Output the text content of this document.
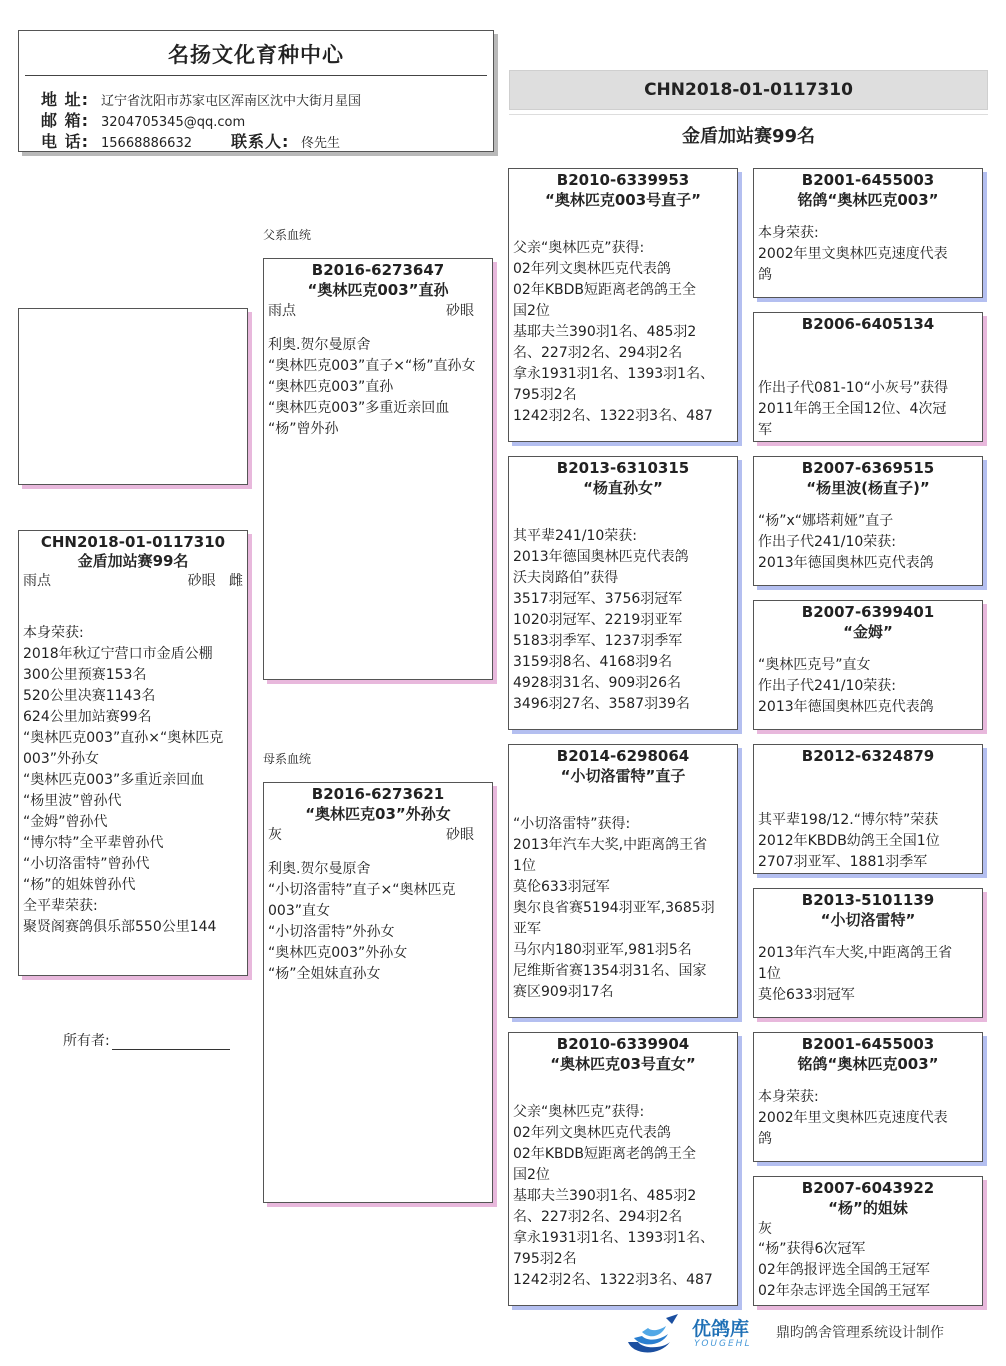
名扬文化育种中心
地 址: 辽宁省沈阳市苏家屯区浑南区沈中大街月星国
邮 箱: 3204705345@qq.com
电 话: 15668886632 联系人: 佟先生
CHN2018-01-0117310
金盾加站赛99名
CHN2018-01-0117310
金盾加站赛99名
雨点	砂眼 雌
本身荣获:
2018年秋辽宁营口市金盾公棚
300公里预赛153名
520公里决赛1143名
624公里加站赛99名
“奥林匹克003”直孙×“奥林匹克
003”外孙女
“奥林匹克003”多重近亲回血
“杨里波”曾孙代
“金姆”曾孙代
“博尔特”全平辈曾孙代
“小切洛雷特”曾孙代
“杨”的姐妹曾孙代
全平辈荣获:
聚贤阁赛鸽俱乐部550公里144
所有者:
父系血统
母系血统
B2016-6273647
“奥林匹克003”直孙
雨点	砂眼
利奥.贺尔曼原舍
“奥林匹克003”直子×“杨”直孙女
“奥林匹克003”直孙
“奥林匹克003”多重近亲回血
“杨”曾外孙
B2016-6273621
“奥林匹克03”外孙女
灰	砂眼
利奥.贺尔曼原舍
“小切洛雷特”直子×“奥林匹克
003”直女
“小切洛雷特”外孙女
“奥林匹克003”外孙女
“杨”全姐妹直孙女
B2010-6339953
“奥林匹克003号直子”

父亲“奥林匹克”获得:
02年列文奥林匹克代表鸽
02年KBDB短距离老鸽鸽王全
国2位
基耶夫兰390羽1名、485羽2
名、227羽2名、294羽2名
拿永1931羽1名、1393羽1名、
795羽2名
1242羽2名、1322羽3名、487
B2013-6310315
“杨直孙女”

其平辈241/10荣获:
2013年德国奥林匹克代表鸽
沃夫岗路伯”获得
3517羽冠军、3756羽冠军
1020羽冠军、2219羽亚军
5183羽季军、1237羽季军
3159羽8名、4168羽9名
4928羽31名、909羽26名
3496羽27名、3587羽39名
B2014-6298064
“小切洛雷特”直子

“小切洛雷特”获得:
2013年汽车大奖,中距离鸽王省
1位
莫伦633羽冠军
奥尔良省赛5194羽亚军,3685羽
亚军
马尔内180羽亚军,981羽5名
尼维斯省赛1354羽31名、国家
赛区909羽17名
B2010-6339904
“奥林匹克03号直女”

父亲“奥林匹克”获得:
02年列文奥林匹克代表鸽
02年KBDB短距离老鸽鸽王全
国2位
基耶夫兰390羽1名、485羽2
名、227羽2名、294羽2名
拿永1931羽1名、1393羽1名、
795羽2名
1242羽2名、1322羽3名、487
B2001-6455003
铭鸽“奥林匹克003”
本身荣获:
2002年里文奥林匹克速度代表
鸽
B2006-6405134
作出子代081-10“小灰号”获得
2011年鸽王全国12位、4次冠
军
B2007-6369515
“杨里波(杨直子)”
“杨”x“娜塔莉娅”直子
作出子代241/10荣获:
2013年德国奥林匹克代表鸽
B2007-6399401
“金姆”
“奥林匹克号”直女
作出子代241/10荣获:
2013年德国奥林匹克代表鸽
B2012-6324879
其平辈198/12.“博尔特”荣获
2012年KBDB幼鸽王全国1位
2707羽亚军、1881羽季军
B2013-5101139
“小切洛雷特”
2013年汽车大奖,中距离鸽王省
1位
莫伦633羽冠军
B2001-6455003
铭鸽“奥林匹克003”
本身荣获:
2002年里文奥林匹克速度代表
鸽
B2007-6043922
“杨”的姐妹
灰
“杨”获得6次冠军
02年鸽报评选全国鸽王冠军
02年杂志评选全国鸽王冠军
优鸽库
YOUGEHL
鼎昀鸽舍管理系统设计制作
